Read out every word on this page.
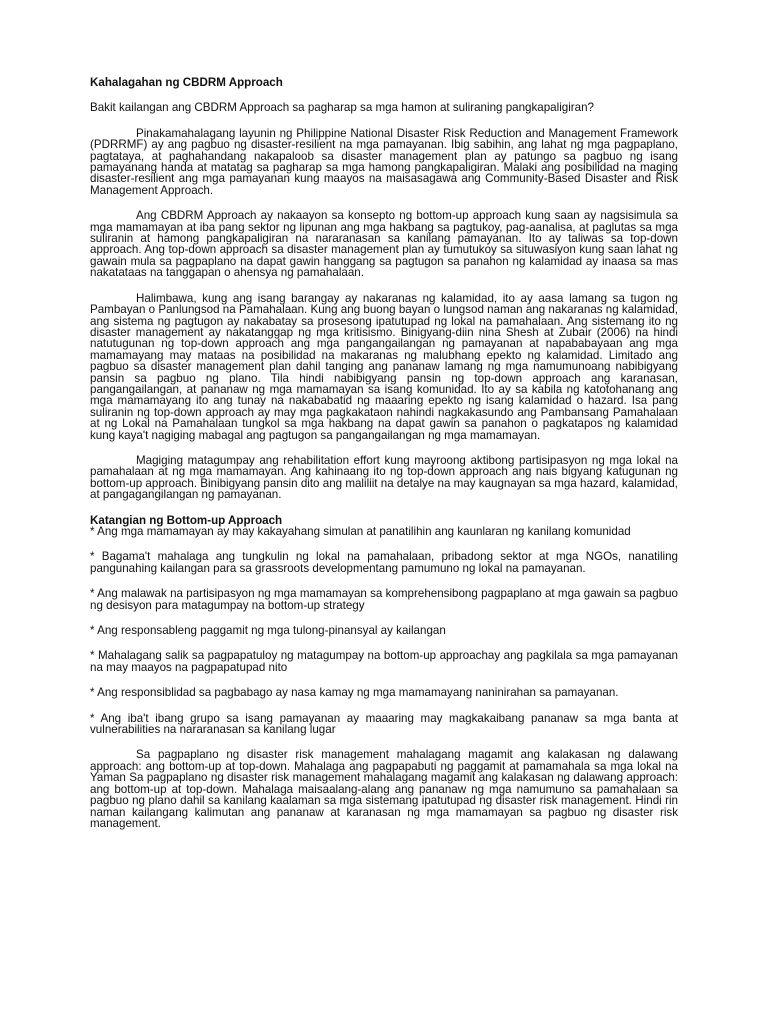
Kahalagahan ng CBDRM Approach

Bakit kailangan ang CBDRM Approach sa pagharap sa mga hamon at suliraning pangkapaligiran?

Pinakamahalagang layunin ng Philippine National Disaster Risk Reduction and Management Framework (PDRRMF) ay ang pagbuo ng disaster-resilient na mga pamayanan. Ibig sabihin, ang lahat ng mga pagpaplano, pagtataya, at paghahandang nakapaloob sa disaster management plan ay patungo sa pagbuo ng isang pamayanang handa at matatag sa pagharap sa mga hamong pangkapaligiran. Malaki ang posibilidad na maging disaster-resilient ang mga pamayanan kung maayos na maisasagawa ang Community-Based Disaster and Risk Management Approach.

Ang CBDRM Approach ay nakaayon sa konsepto ng bottom-up approach kung saan ay nagsisimula sa mga mamamayan at iba pang sektor ng lipunan ang mga hakbang sa pagtukoy, pag-aanalisa, at paglutas sa mga suliranin at hamong pangkapaligiran na nararanasan sa kanilang pamayanan. Ito ay taliwas sa top-down approach. Ang top-down approach sa disaster management plan ay tumutukoy sa situwasiyon kung saan lahat ng gawain mula sa pagpaplano na dapat gawin hanggang sa pagtugon sa panahon ng kalamidad ay inaasa sa mas nakatataas na tanggapan o ahensya ng pamahalaan.

Halimbawa, kung ang isang barangay ay nakaranas ng kalamidad, ito ay aasa lamang sa tugon ng Pambayan o Panlungsod na Pamahalaan. Kung ang buong bayan o lungsod naman ang nakaranas ng kalamidad, ang sistema ng pagtugon ay nakabatay sa prosesong ipatutupad ng lokal na pamahalaan. Ang sistemang ito ng disaster management ay nakatanggap ng mga kritisismo. Binigyang-diin nina Shesh at Zubair (2006) na hindi natutugunan ng top-down approach ang mga pangangailangan ng pamayanan at napababayaan ang mga mamamayang may mataas na posibilidad na makaranas ng malubhang epekto ng kalamidad. Limitado ang pagbuo sa disaster management plan dahil tanging ang pananaw lamang ng mga namumunoang nabibigyang pansin sa pagbuo ng plano. Tila hindi nabibigyang pansin ng top-down approach ang karanasan, pangangailangan, at pananaw ng mga mamamayan sa isang komunidad. Ito ay sa kabila ng katotohanang ang mga mamamayang ito ang tunay na nakababatid ng maaaring epekto ng isang kalamidad o hazard. Isa pang suliranin ng top-down approach ay may mga pagkakataon nahindi nagkakasundo ang Pambansang Pamahalaan at ng Lokal na Pamahalaan tungkol sa mga hakbang na dapat gawin sa panahon o pagkatapos ng kalamidad kung kaya't nagiging mabagal ang pagtugon sa pangangailangan ng mga mamamayan.

Magiging matagumpay ang rehabilitation effort kung mayroong aktibong partisipasyon ng mga lokal na pamahalaan at ng mga mamamayan. Ang kahinaang ito ng top-down approach ang nais bigyang katugunan ng bottom-up approach. Binibigyang pansin dito ang maliliit na detalye na may kaugnayan sa mga hazard, kalamidad, at pangagangilangan ng pamayanan.

Katangian ng Bottom-up Approach

* Ang mga mamamayan ay may kakayahang simulan at panatilihin ang kaunlaran ng kanilang komunidad
* Bagama't mahalaga ang tungkulin ng lokal na pamahalaan, pribadong sektor at mga NGOs, nanatiling pangunahing kailangan para sa grassroots developmentang pamumuno ng lokal na pamayanan.
* Ang malawak na partisipasyon ng mga mamamayan sa komprehensibong pagpaplano at mga gawain sa pagbuo ng desisyon para matagumpay na bottom-up strategy
* Ang responsableng paggamit ng mga tulong-pinansyal ay kailangan
* Mahalagang salik sa pagpapatuloy ng matagumpay na bottom-up approachay ang pagkilala sa mga pamayanan na may maayos na pagpapatupad nito
* Ang responsiblidad sa pagbabago ay nasa kamay ng mga mamamayang naninirahan sa pamayanan.
* Ang iba't ibang grupo sa isang pamayanan ay maaaring may magkakaibang pananaw sa mga banta at vulnerabilities na nararanasan sa kanilang lugar

Sa pagpaplano ng disaster risk management mahalagang magamit ang kalakasan ng dalawang approach: ang bottom-up at top-down. Mahalaga ang pagpapabuti ng paggamit at pamamahala sa mga lokal na Yaman Sa pagpaplano ng disaster risk management mahalagang magamit ang kalakasan ng dalawang approach: ang bottom-up at top-down. Mahalaga maisaalang-alang ang pananaw ng mga namumuno sa pamahalaan sa pagbuo ng plano dahil sa kanilang kaalaman sa mga sistemang ipatutupad ng disaster risk management. Hindi rin naman kailangang kalimutan ang pananaw at karanasan ng mga mamamayan sa pagbuo ng disaster risk management.
